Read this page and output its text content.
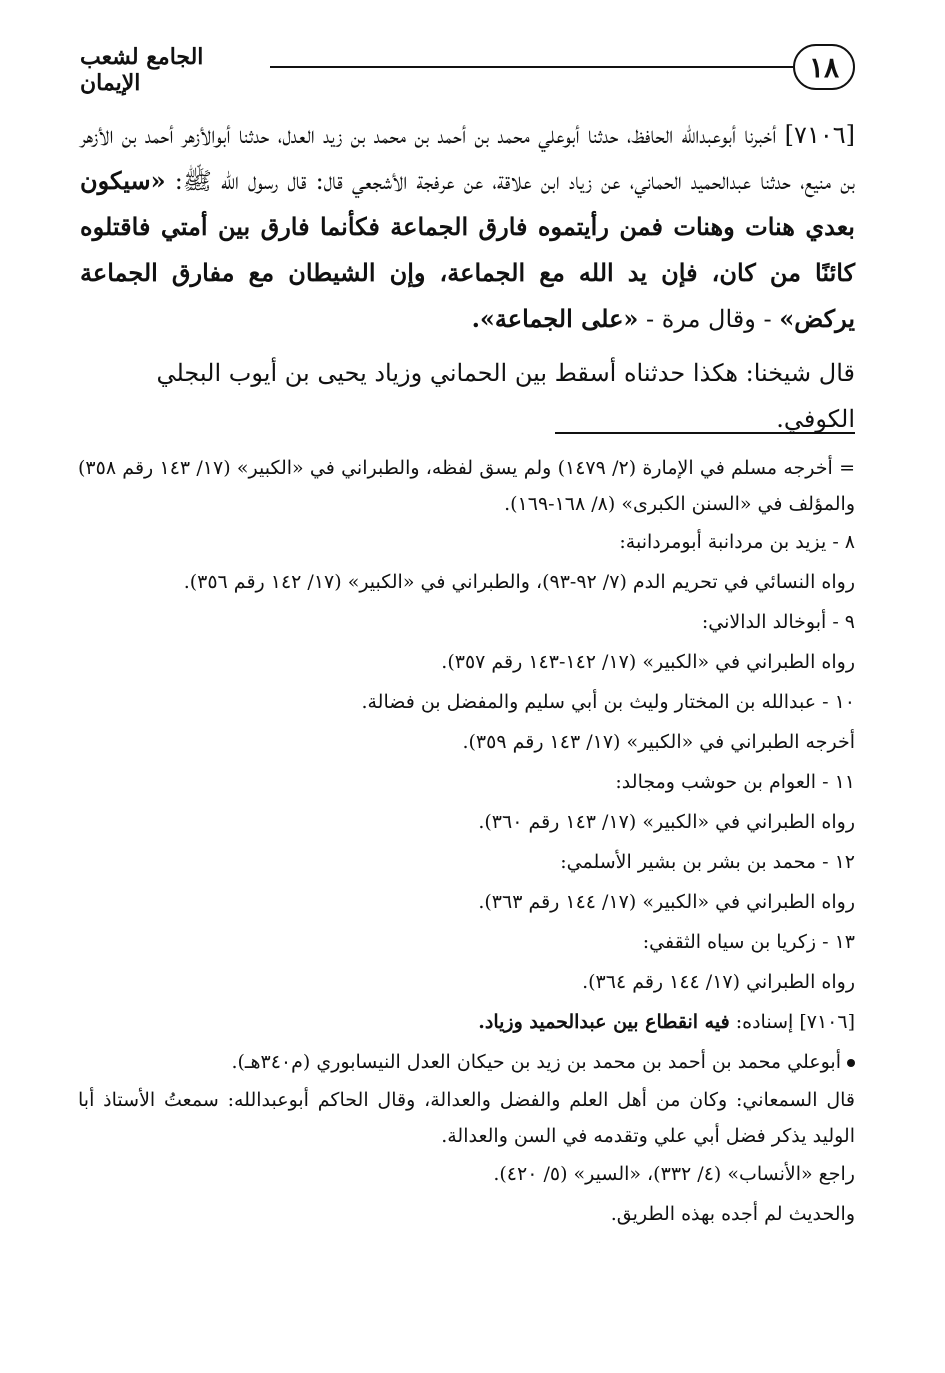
١٨
الجامع لشعب الإيمان

[٧١٠٦] أخبرنا أبوعبدالله الحافظ، حدثنا أبوعلي محمد بن أحمد بن محمد بن زيد العدل، حدثنا أبوالأزهر أحمد بن الأزهر بن منيع، حدثنا عبدالحميد الحماني، عن زياد ابن علاقة، عن عرفجة الأشجعي قال: قال رسول الله ﷺ: «سيكون بعدي هنات وهنات فمن رأيتموه فارق الجماعة فكأنما فارق بين أمتي فاقتلوه كائنًا من كان، فإن يد الله مع الجماعة، وإن الشيطان مع مفارق الجماعة يركض» - وقال مرة - «على الجماعة».

قال شيخنا: هكذا حدثناه أسقط بين الحماني وزياد يحيى بن أيوب البجلي الكوفي.

= أخرجه مسلم في الإمارة (٢/ ١٤٧٩) ولم يسق لفظه، والطبراني في «الكبير» (١٧/ ١٤٣ رقم ٣٥٨) والمؤلف في «السنن الكبرى» (٨/ ١٦٨-١٦٩).

٨ - يزيد بن مردانبة أبومردانبة:

رواه النسائي في تحريم الدم (٧/ ٩٢-٩٣)، والطبراني في «الكبير» (١٧/ ١٤٢ رقم ٣٥٦).

٩ - أبوخالد الدالاني:

رواه الطبراني في «الكبير» (١٧/ ١٤٢-١٤٣ رقم ٣٥٧).

١٠ - عبدالله بن المختار وليث بن أبي سليم والمفضل بن فضالة.

أخرجه الطبراني في «الكبير» (١٧/ ١٤٣ رقم ٣٥٩).

١١ - العوام بن حوشب ومجالد:

رواه الطبراني في «الكبير» (١٧/ ١٤٣ رقم ٣٦٠).

١٢ - محمد بن بشر بن بشير الأسلمي:

رواه الطبراني في «الكبير» (١٧/ ١٤٤ رقم ٣٦٣).

١٣ - زكريا بن سياه الثقفي:

رواه الطبراني (١٧/ ١٤٤ رقم ٣٦٤).

[٧١٠٦] إسناده: فيه انقطاع بين عبدالحميد وزياد.

أبوعلي محمد بن أحمد بن محمد بن زيد بن حيكان العدل النيسابوري (م٣٤٠هـ).

قال السمعاني: وكان من أهل العلم والفضل والعدالة، وقال الحاكم أبوعبدالله: سمعتُ الأستاذ أبا الوليد يذكر فضل أبي علي وتقدمه في السن والعدالة.

راجع «الأنساب» (٤/ ٣٣٢)، «السير» (٥/ ٤٢٠).

والحديث لم أجده بهذه الطريق.
